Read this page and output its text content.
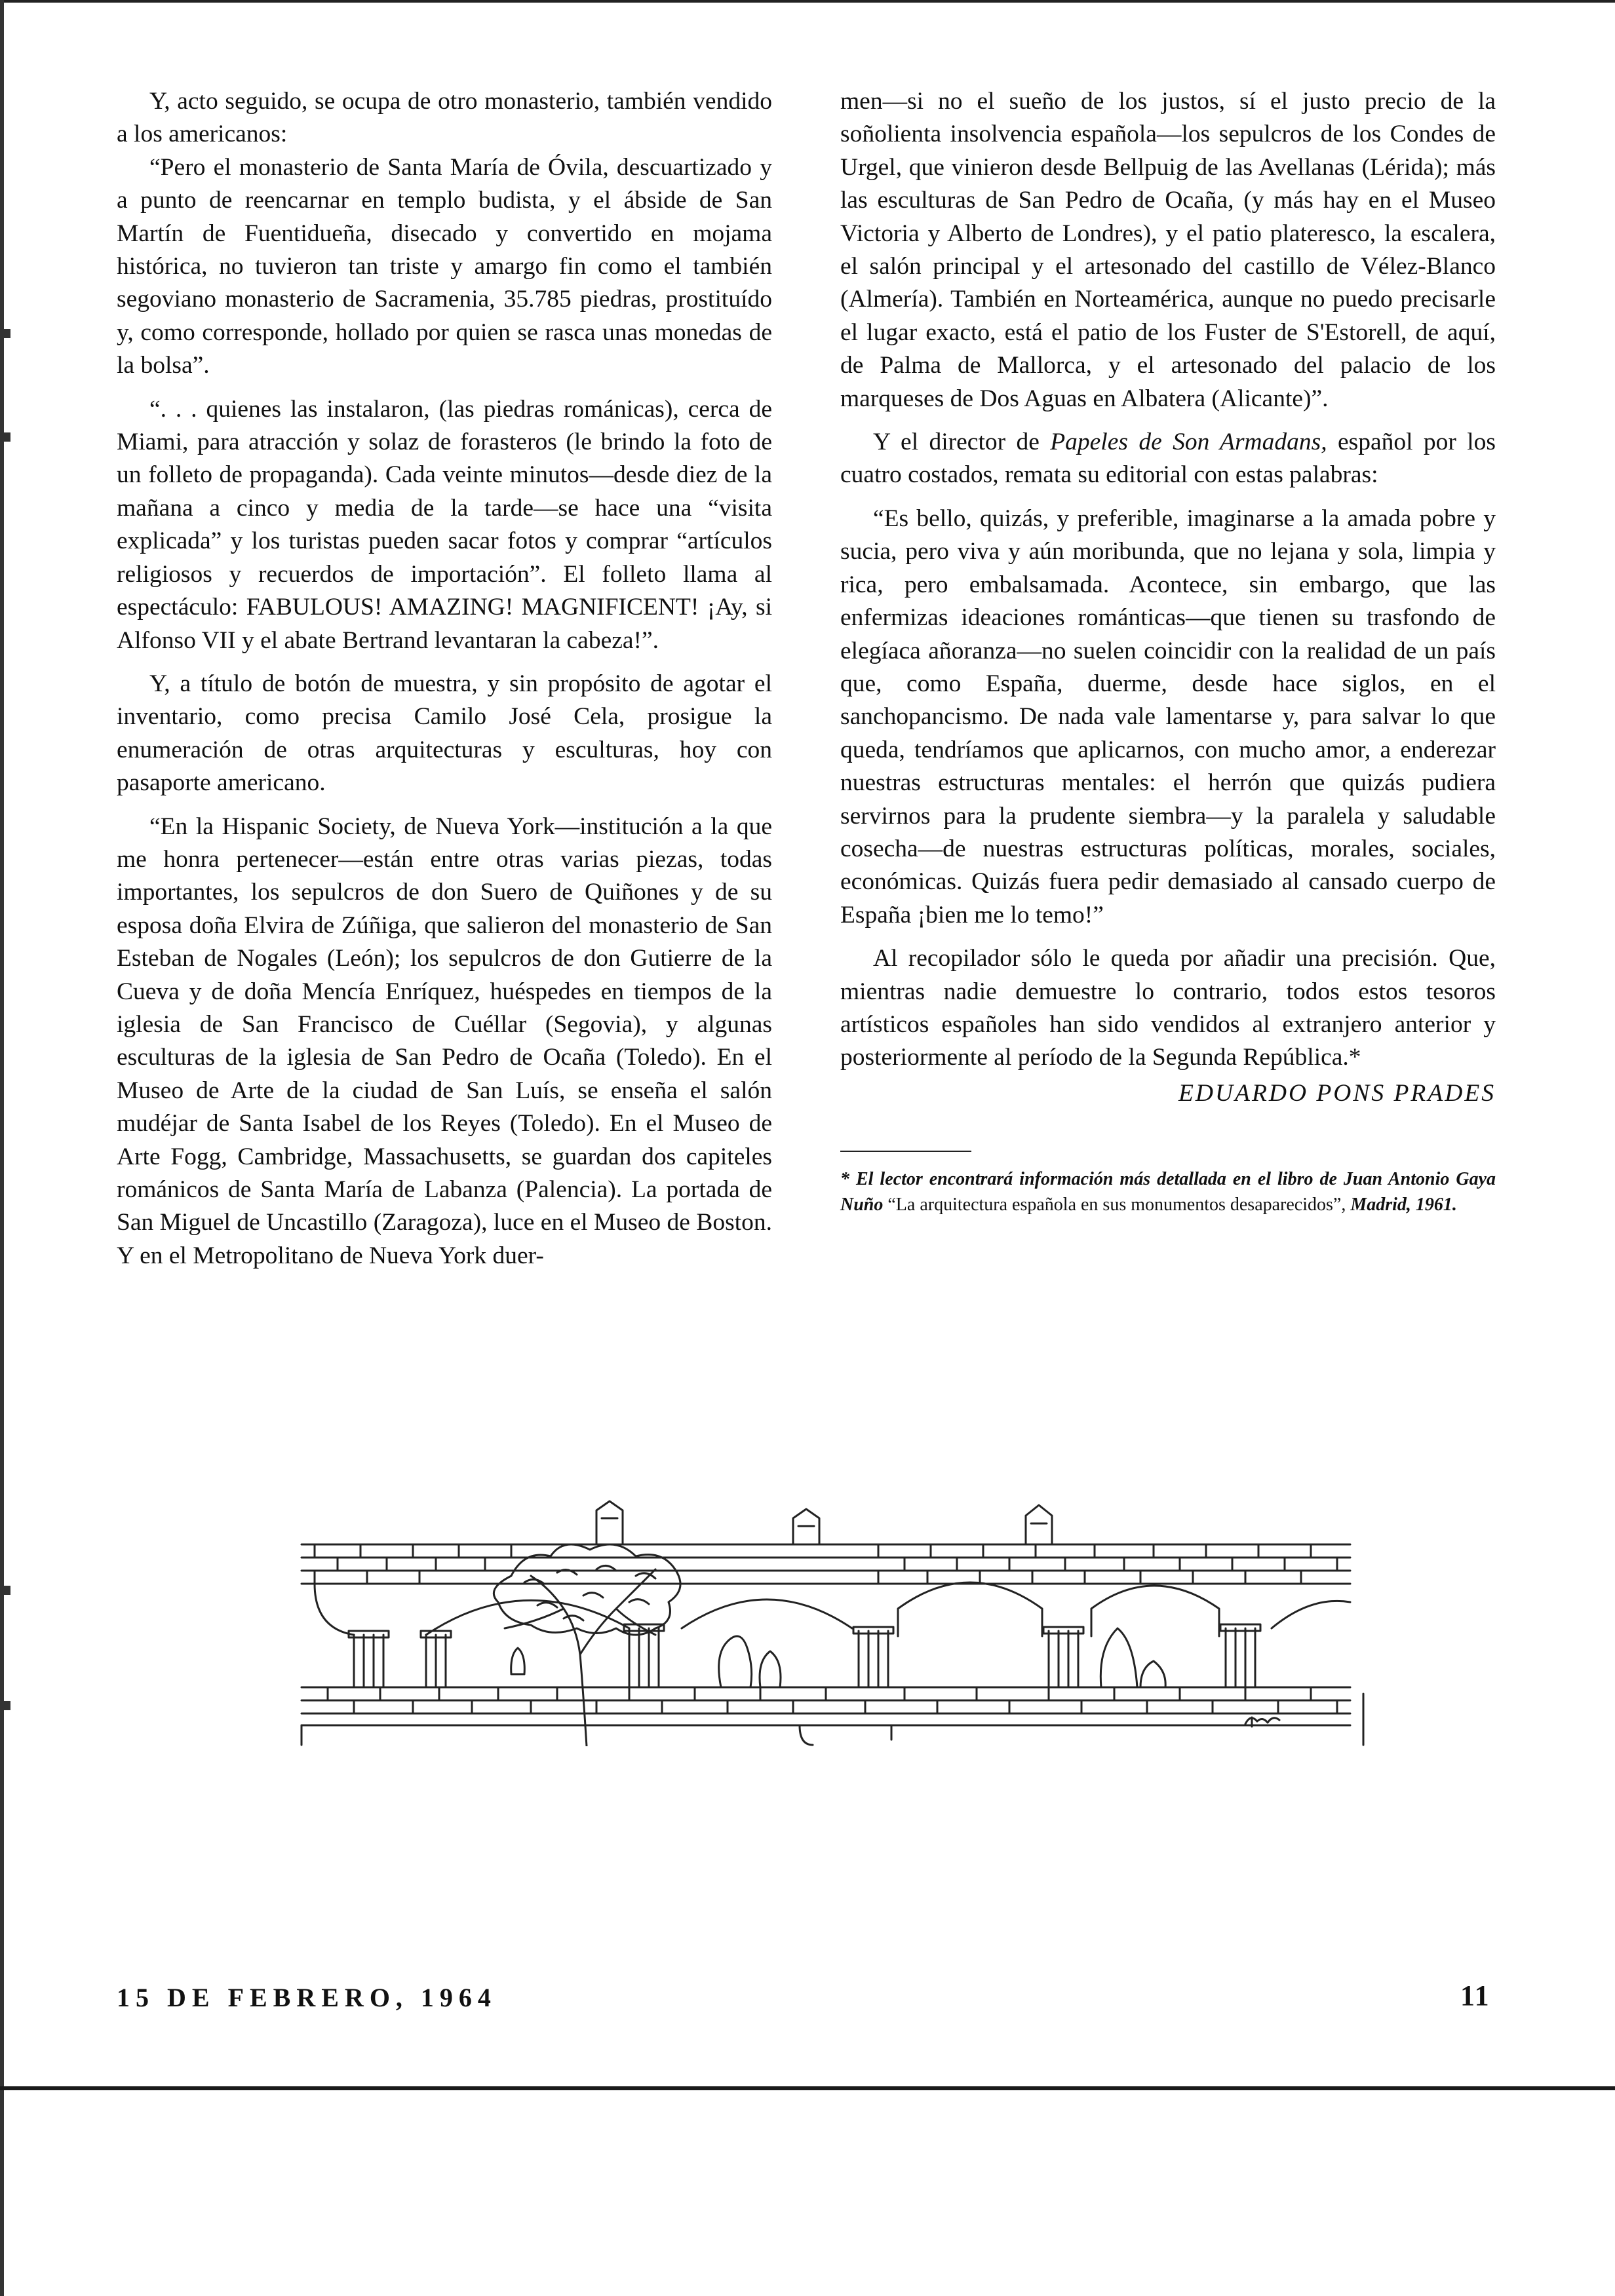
Y, acto seguido, se ocupa de otro monasterio, también vendido a los americanos:

“Pero el monasterio de Santa María de Óvila, descuartizado y a punto de reencarnar en templo budista, y el ábside de San Martín de Fuentidueña, disecado y convertido en mojama histórica, no tuvieron tan triste y amargo fin como el también segoviano monasterio de Sacramenia, 35.785 piedras, prostituído y, como corresponde, hollado por quien se rasca unas monedas de la bolsa”.

“. . . quienes las instalaron, (las piedras románicas), cerca de Miami, para atracción y solaz de forasteros (le brindo la foto de un folleto de propaganda). Cada veinte minutos—desde diez de la mañana a cinco y media de la tarde—se hace una “visita explicada” y los turistas pueden sacar fotos y comprar “artículos religiosos y recuerdos de importación”. El folleto llama al espectáculo: FABULOUS! AMAZING! MAGNIFICENT! ¡Ay, si Alfonso VII y el abate Bertrand levantaran la cabeza!”.

Y, a título de botón de muestra, y sin propósito de agotar el inventario, como precisa Camilo José Cela, prosigue la enumeración de otras arquitecturas y esculturas, hoy con pasaporte americano.

“En la Hispanic Society, de Nueva York—institución a la que me honra pertenecer—están entre otras varias piezas, todas importantes, los sepulcros de don Suero de Quiñones y de su esposa doña Elvira de Zúñiga, que salieron del monasterio de San Esteban de Nogales (León); los sepulcros de don Gutierre de la Cueva y de doña Mencía Enríquez, huéspedes en tiempos de la iglesia de San Francisco de Cuéllar (Segovia), y algunas esculturas de la iglesia de San Pedro de Ocaña (Toledo). En el Museo de Arte de la ciudad de San Luís, se enseña el salón mudéjar de Santa Isabel de los Reyes (Toledo). En el Museo de Arte Fogg, Cambridge, Massachusetts, se guardan dos capiteles románicos de Santa María de Labanza (Palencia). La portada de San Miguel de Uncastillo (Zaragoza), luce en el Museo de Boston. Y en el Metropolitano de Nueva York duer-

men—si no el sueño de los justos, sí el justo precio de la soñolienta insolvencia española—los sepulcros de los Condes de Urgel, que vinieron desde Bellpuig de las Avellanas (Lérida); más las esculturas de San Pedro de Ocaña, (y más hay en el Museo Victoria y Alberto de Londres), y el patio plateresco, la escalera, el salón principal y el artesonado del castillo de Vélez-Blanco (Almería). También en Norteamérica, aunque no puedo precisarle el lugar exacto, está el patio de los Fuster de S'Estorell, de aquí, de Palma de Mallorca, y el artesonado del palacio de los marqueses de Dos Aguas en Albatera (Alicante)”.

Y el director de Papeles de Son Armadans, español por los cuatro costados, remata su editorial con estas palabras:

“Es bello, quizás, y preferible, imaginarse a la amada pobre y sucia, pero viva y aún moribunda, que no lejana y sola, limpia y rica, pero embalsamada. Acontece, sin embargo, que las enfermizas ideaciones románticas—que tienen su trasfondo de elegíaca añoranza—no suelen coincidir con la realidad de un país que, como España, duerme, desde hace siglos, en el sanchopancismo. De nada vale lamentarse y, para salvar lo que queda, tendríamos que aplicarnos, con mucho amor, a enderezar nuestras estructuras mentales: el herrón que quizás pudiera servirnos para la prudente siembra—y la paralela y saludable cosecha—de nuestras estructuras políticas, morales, sociales, económicas. Quizás fuera pedir demasiado al cansado cuerpo de España ¡bien me lo temo!”

Al recopilador sólo le queda por añadir una precisión. Que, mientras nadie demuestre lo contrario, todos estos tesoros artísticos españoles han sido vendidos al extranjero anterior y posteriormente al período de la Segunda República.*

EDUARDO PONS PRADES

* El lector encontrará información más detallada en el libro de Juan Antonio Gaya Nuño “La arquitectura española en sus monumentos desaparecidos”, Madrid, 1961.

15 DE FEBRERO, 1964	11
